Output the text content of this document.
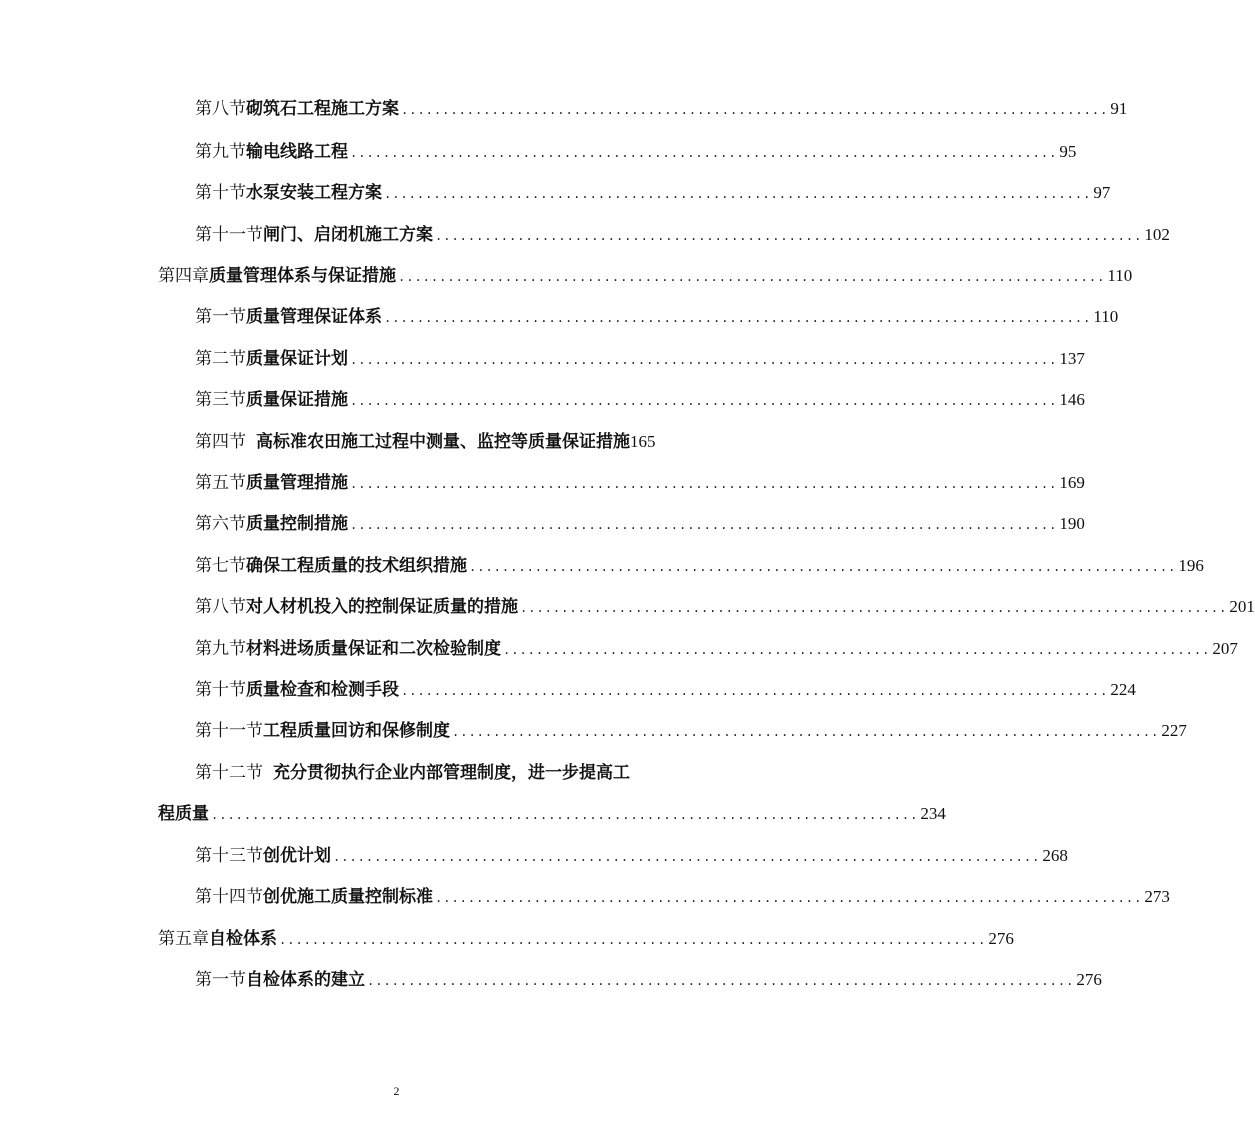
第八节 砌筑石工程施工方案 ...................................................................................... 91
第九节 输电线路工程 ...................................................................................... 95
第十节 水泵安装工程方案 ...................................................................................... 97
第十一节 闸门、启闭机施工方案 ...................................................................................... 102
第四章 质量管理体系与保证措施 ...................................................................................... 110
第一节 质量管理保证体系 ...................................................................................... 110
第二节 质量保证计划 ...................................................................................... 137
第三节 质量保证措施 ...................................................................................... 146
第四节 高标准农田施工过程中测量、监控等质量保证措施 165
第五节 质量管理措施 ...................................................................................... 169
第六节 质量控制措施 ...................................................................................... 190
第七节 确保工程质量的技术组织措施 ...................................................................................... 196
第八节 对人材机投入的控制保证质量的措施 ...................................................................................... 201
第九节 材料进场质量保证和二次检验制度 ...................................................................................... 207
第十节 质量检查和检测手段 ...................................................................................... 224
第十一节 工程质量回访和保修制度 ...................................................................................... 227
第十二节 充分贯彻执行企业内部管理制度，进一步提高工
程质量 ...................................................................................... 234
第十三节 创优计划 ...................................................................................... 268
第十四节 创优施工质量控制标准 ...................................................................................... 273
第五章 自检体系 ...................................................................................... 276
第一节 自检体系的建立 ...................................................................................... 276
2
